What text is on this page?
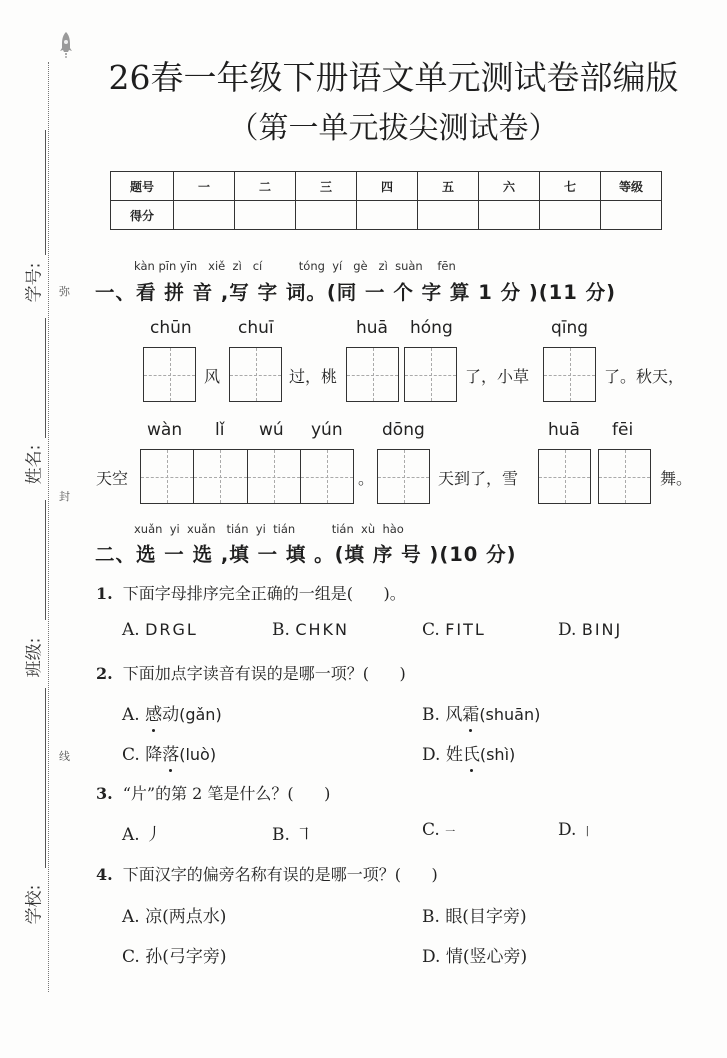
学号:
姓名:
班级:
学校:
弥
封
线
26春一年级下册语文单元测试卷部编版
（第一单元拔尖测试卷）
题号	一	二	三	四	五	六	七	等级
得分								
kàn pīn yīn   xiě  zì   cí          tóng  yí   gè   zì  suàn    fēn
一、看 拼 音 ,写 字 词。(同 一 个 字 算 1 分 )(11 分)
chūn	chuī	huā hóng	qīng
风	过，桃	了，小草	了。秋天，
wàn lǐ wú yún dōng	huā fēi
天空	。	天到了，雪	舞。
xuǎn  yi  xuǎn   tián  yi  tián          tián  xù  hào
二、选 一 选 ,填 一 填 。(填 序 号 )(10 分)
1. 下面字母排序完全正确的一组是(      )。
A. DRGL	B. CHKN	C. FITL	D. BINJ
2. 下面加点字读音有误的是哪一项？(      )
A. 感动(gǎn)	B. 风霜(shuān)
C. 降落(luò)	D. 姓氏(shì)
3. “片”的第 2 笔是什么？(      )
A. 丿	B. ㇕	C. 一	D. 丨
4. 下面汉字的偏旁名称有误的是哪一项？(      )
A. 凉(两点水)	B. 眼(目字旁)
C. 孙(弓字旁)	D. 情(竖心旁)
